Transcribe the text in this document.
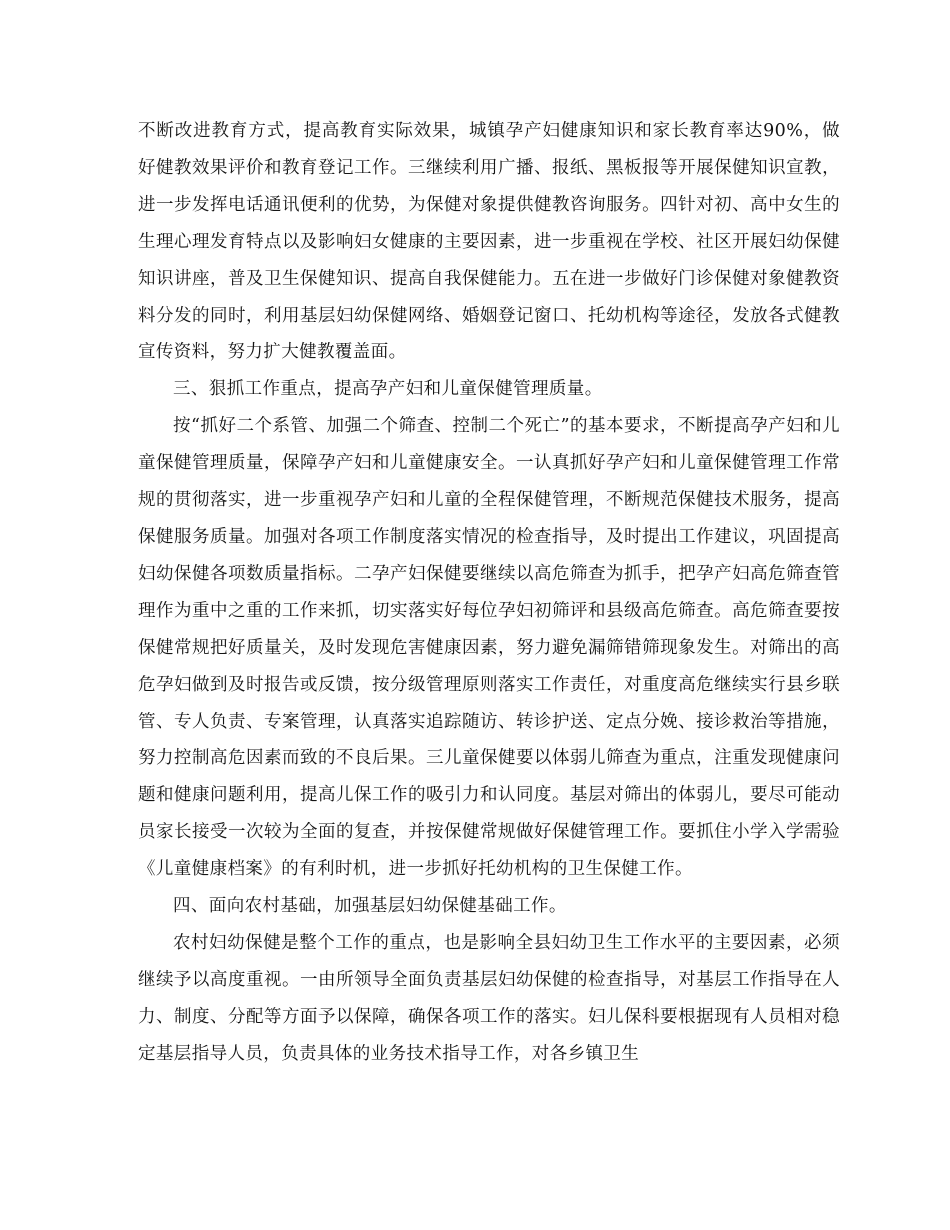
不断改进教育方式，提高教育实际效果，城镇孕产妇健康知识和家长教育率达90%，做好健教效果评价和教育登记工作。三继续利用广播、报纸、黑板报等开展保健知识宣教，进一步发挥电话通讯便利的优势，为保健对象提供健教咨询服务。四针对初、高中女生的生理心理发育特点以及影响妇女健康的主要因素，进一步重视在学校、社区开展妇幼保健知识讲座，普及卫生保健知识、提高自我保健能力。五在进一步做好门诊保健对象健教资料分发的同时，利用基层妇幼保健网络、婚姻登记窗口、托幼机构等途径，发放各式健教宣传资料，努力扩大健教覆盖面。

三、狠抓工作重点，提高孕产妇和儿童保健管理质量。

按“抓好二个系管、加强二个筛查、控制二个死亡”的基本要求，不断提高孕产妇和儿童保健管理质量，保障孕产妇和儿童健康安全。一认真抓好孕产妇和儿童保健管理工作常规的贯彻落实，进一步重视孕产妇和儿童的全程保健管理，不断规范保健技术服务，提高保健服务质量。加强对各项工作制度落实情况的检查指导，及时提出工作建议，巩固提高妇幼保健各项数质量指标。二孕产妇保健要继续以高危筛查为抓手，把孕产妇高危筛查管理作为重中之重的工作来抓，切实落实好每位孕妇初筛评和县级高危筛查。高危筛查要按保健常规把好质量关，及时发现危害健康因素，努力避免漏筛错筛现象发生。对筛出的高危孕妇做到及时报告或反馈，按分级管理原则落实工作责任，对重度高危继续实行县乡联管、专人负责、专案管理，认真落实追踪随访、转诊护送、定点分娩、接诊救治等措施，努力控制高危因素而致的不良后果。三儿童保健要以体弱儿筛查为重点，注重发现健康问题和健康问题利用，提高儿保工作的吸引力和认同度。基层对筛出的体弱儿，要尽可能动员家长接受一次较为全面的复查，并按保健常规做好保健管理工作。要抓住小学入学需验《儿童健康档案》的有利时机，进一步抓好托幼机构的卫生保健工作。

四、面向农村基础，加强基层妇幼保健基础工作。

农村妇幼保健是整个工作的重点，也是影响全县妇幼卫生工作水平的主要因素，必须继续予以高度重视。一由所领导全面负责基层妇幼保健的检查指导，对基层工作指导在人力、制度、分配等方面予以保障，确保各项工作的落实。妇儿保科要根据现有人员相对稳定基层指导人员，负责具体的业务技术指导工作，对各乡镇卫生
